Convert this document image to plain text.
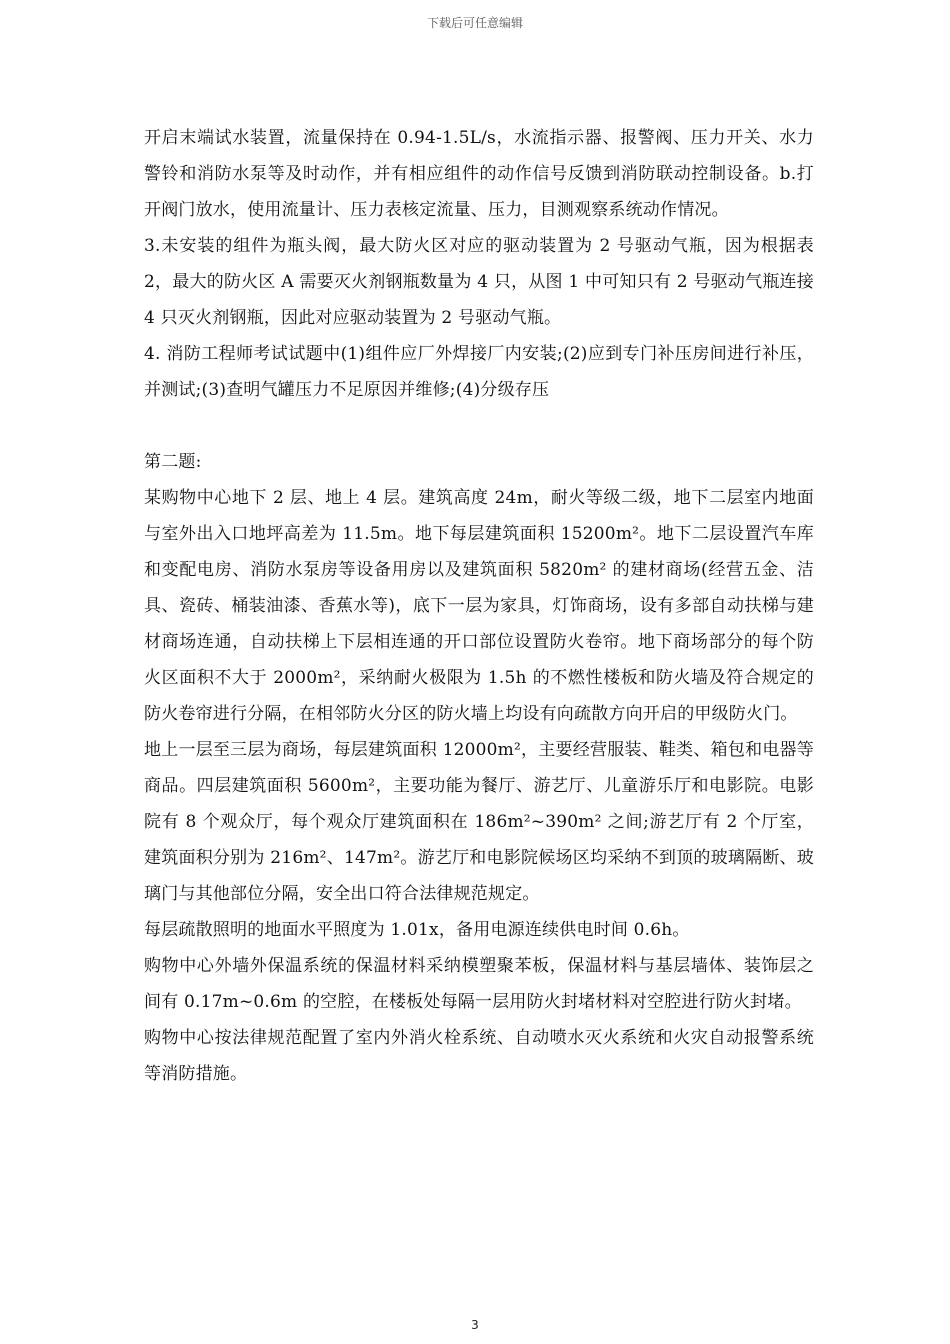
下载后可任意编辑

开启末端试水装置，流量保持在 0.94-1.5L/s，水流指示器、报警阀、压力开关、水力警铃和消防水泵等及时动作，并有相应组件的动作信号反馈到消防联动控制设备。b.打开阀门放水，使用流量计、压力表核定流量、压力，目测观察系统动作情况。

3.未安装的组件为瓶头阀，最大防火区对应的驱动装置为 2 号驱动气瓶，因为根据表 2，最大的防火区 A 需要灭火剂钢瓶数量为 4 只，从图 1 中可知只有 2 号驱动气瓶连接 4 只灭火剂钢瓶，因此对应驱动装置为 2 号驱动气瓶。

4. 消防工程师考试试题中(1)组件应厂外焊接厂内安装;(2)应到专门补压房间进行补压，并测试;(3)查明气罐压力不足原因并维修;(4)分级存压

第二题:

某购物中心地下 2 层、地上 4 层。建筑高度 24m，耐火等级二级，地下二层室内地面与室外出入口地坪高差为 11.5m。地下每层建筑面积 15200m²。地下二层设置汽车库和变配电房、消防水泵房等设备用房以及建筑面积 5820m² 的建材商场(经营五金、洁具、瓷砖、桶装油漆、香蕉水等)，底下一层为家具，灯饰商场，设有多部自动扶梯与建材商场连通，自动扶梯上下层相连通的开口部位设置防火卷帘。地下商场部分的每个防火区面积不大于 2000m²，采纳耐火极限为 1.5h 的不燃性楼板和防火墙及符合规定的防火卷帘进行分隔，在相邻防火分区的防火墙上均设有向疏散方向开启的甲级防火门。

地上一层至三层为商场，每层建筑面积 12000m²，主要经营服装、鞋类、箱包和电器等商品。四层建筑面积 5600m²，主要功能为餐厅、游艺厅、儿童游乐厅和电影院。电影院有 8 个观众厅，每个观众厅建筑面积在 186m²~390m² 之间;游艺厅有 2 个厅室，建筑面积分别为 216m²、147m²。游艺厅和电影院候场区均采纳不到顶的玻璃隔断、玻璃门与其他部位分隔，安全出口符合法律规范规定。

每层疏散照明的地面水平照度为 1.01x，备用电源连续供电时间 0.6h。

购物中心外墙外保温系统的保温材料采纳模塑聚苯板，保温材料与基层墙体、装饰层之间有 0.17m~0.6m 的空腔，在楼板处每隔一层用防火封堵材料对空腔进行防火封堵。

购物中心按法律规范配置了室内外消火栓系统、自动喷水灭火系统和火灾自动报警系统等消防措施。

3
